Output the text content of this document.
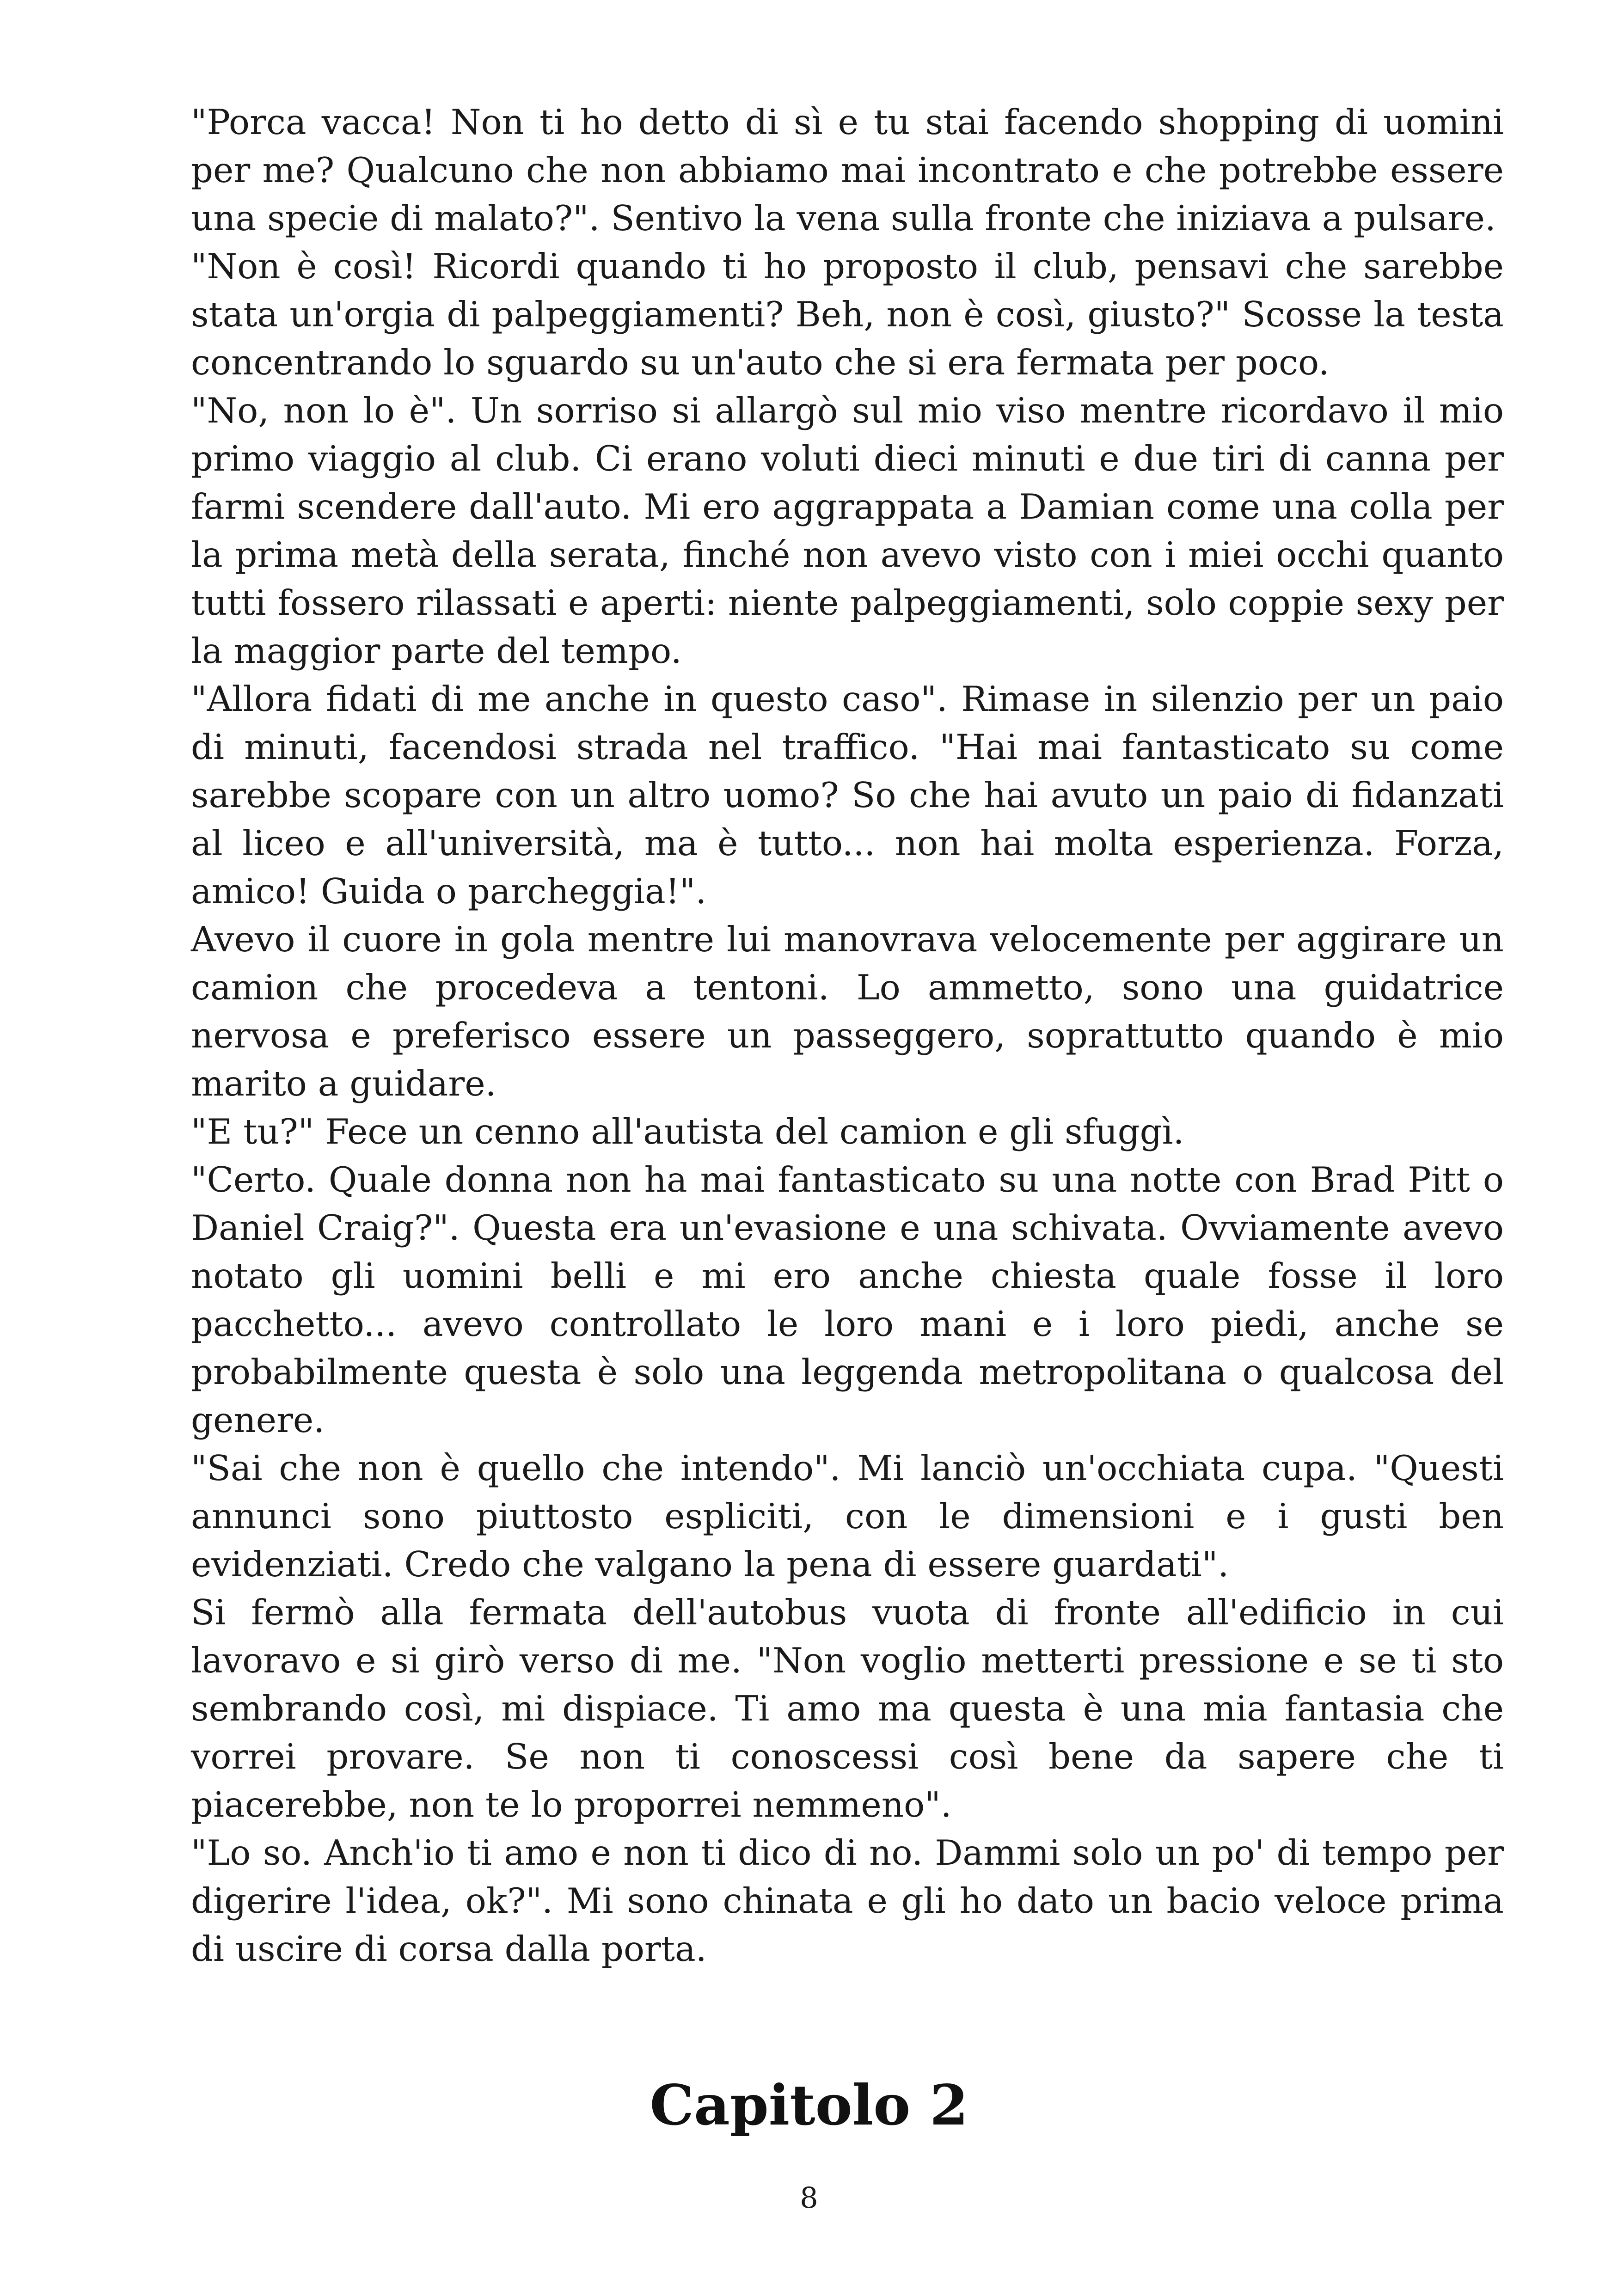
"Porca vacca! Non ti ho detto di sì e tu stai facendo shopping di uomini per me? Qualcuno che non abbiamo mai incontrato e che potrebbe essere una specie di malato?". Sentivo la vena sulla fronte che iniziava a pulsare.

"Non è così! Ricordi quando ti ho proposto il club, pensavi che sarebbe stata un'orgia di palpeggiamenti? Beh, non è così, giusto?" Scosse la testa concentrando lo sguardo su un'auto che si era fermata per poco.

"No, non lo è". Un sorriso si allargò sul mio viso mentre ricordavo il mio primo viaggio al club. Ci erano voluti dieci minuti e due tiri di canna per farmi scendere dall'auto. Mi ero aggrappata a Damian come una colla per la prima metà della serata, finché non avevo visto con i miei occhi quanto tutti fossero rilassati e aperti: niente palpeggiamenti, solo coppie sexy per la maggior parte del tempo.

"Allora fidati di me anche in questo caso". Rimase in silenzio per un paio di minuti, facendosi strada nel traffico. "Hai mai fantasticato su come sarebbe scopare con un altro uomo? So che hai avuto un paio di fidanzati al liceo e all'università, ma è tutto... non hai molta esperienza. Forza, amico! Guida o parcheggia!".

Avevo il cuore in gola mentre lui manovrava velocemente per aggirare un camion che procedeva a tentoni. Lo ammetto, sono una guidatrice nervosa e preferisco essere un passeggero, soprattutto quando è mio marito a guidare.

"E tu?" Fece un cenno all'autista del camion e gli sfuggì.

"Certo. Quale donna non ha mai fantasticato su una notte con Brad Pitt o Daniel Craig?". Questa era un'evasione e una schivata. Ovviamente avevo notato gli uomini belli e mi ero anche chiesta quale fosse il loro pacchetto... avevo controllato le loro mani e i loro piedi, anche se probabilmente questa è solo una leggenda metropolitana o qualcosa del genere.

"Sai che non è quello che intendo". Mi lanciò un'occhiata cupa. "Questi annunci sono piuttosto espliciti, con le dimensioni e i gusti ben evidenziati. Credo che valgano la pena di essere guardati".

Si fermò alla fermata dell'autobus vuota di fronte all'edificio in cui lavoravo e si girò verso di me. "Non voglio metterti pressione e se ti sto sembrando così, mi dispiace. Ti amo ma questa è una mia fantasia che vorrei provare. Se non ti conoscessi così bene da sapere che ti piacerebbe, non te lo proporrei nemmeno".

"Lo so. Anch'io ti amo e non ti dico di no. Dammi solo un po' di tempo per digerire l'idea, ok?". Mi sono chinata e gli ho dato un bacio veloce prima di uscire di corsa dalla porta.

Capitolo 2
8
